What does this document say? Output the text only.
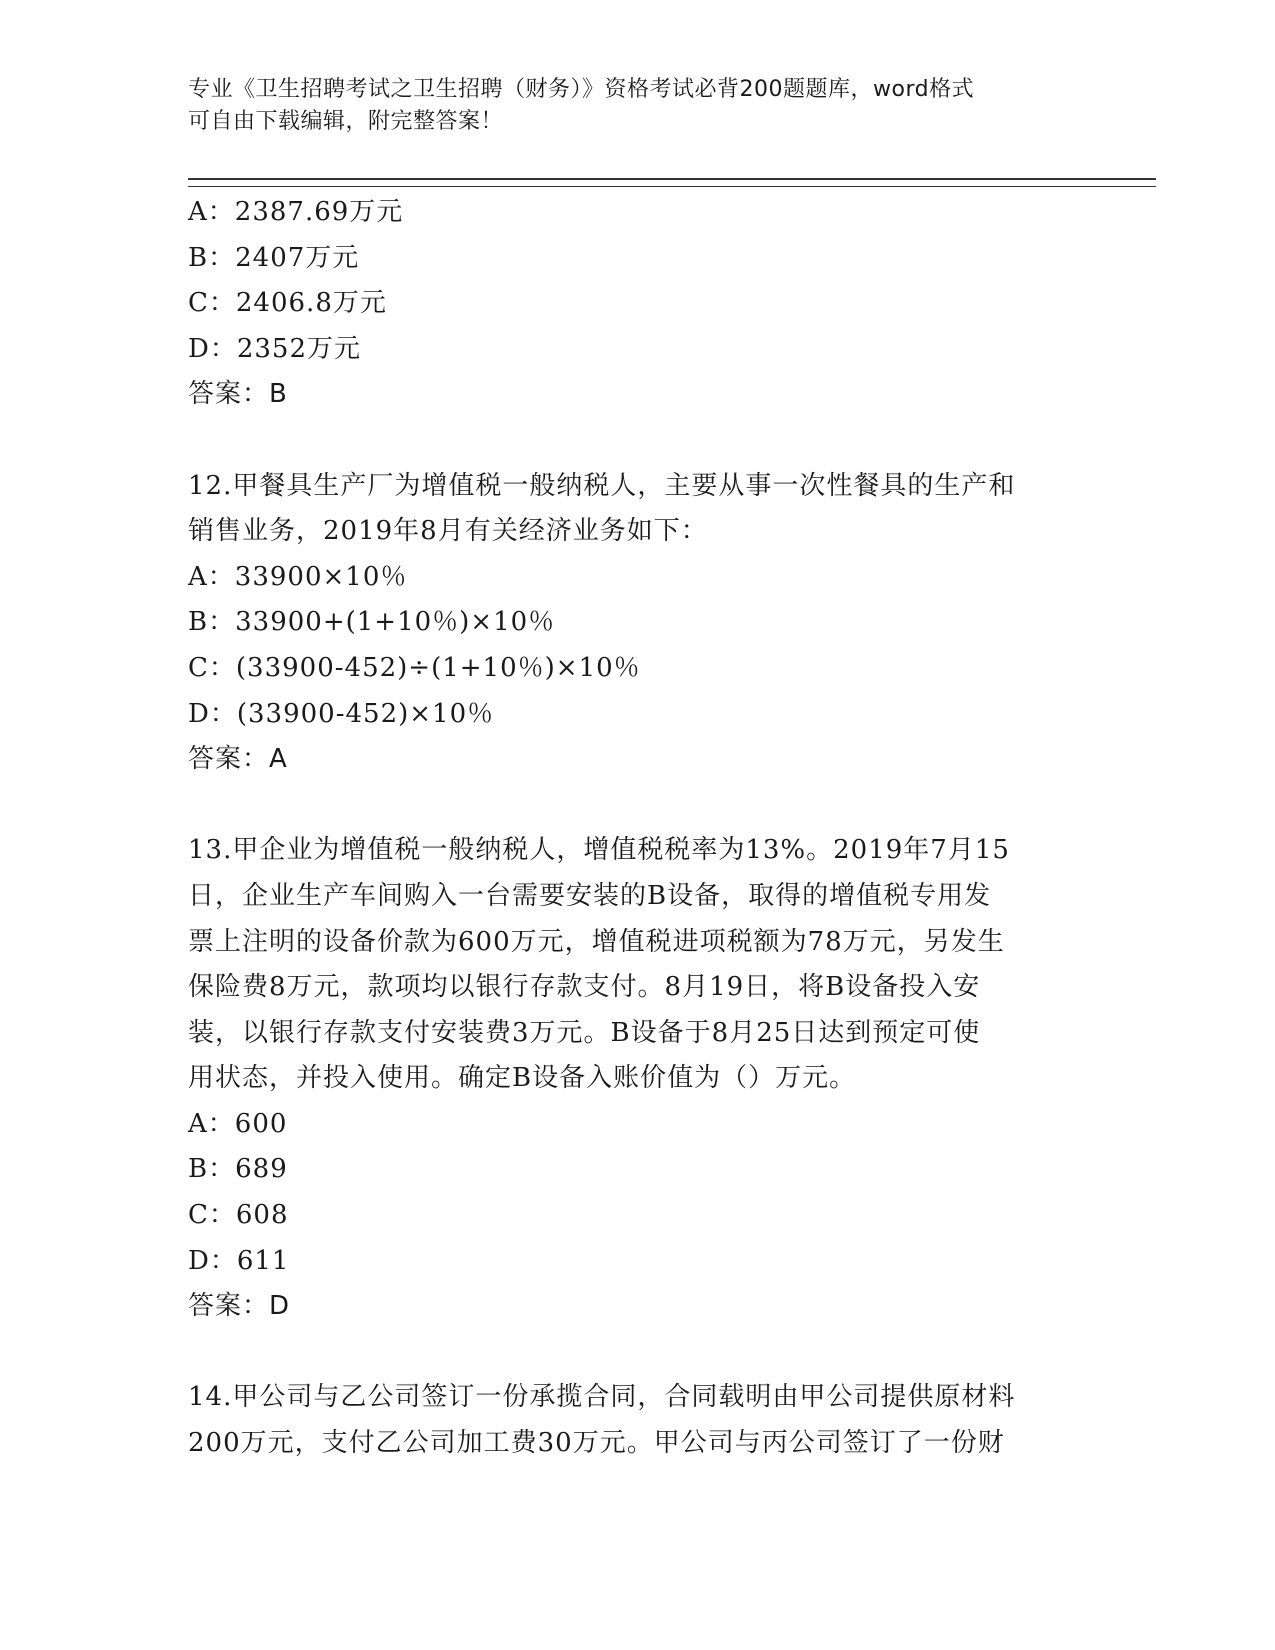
专业《卫生招聘考试之卫生招聘（财务）》资格考试必背200题题库，word格式
可自由下载编辑，附完整答案！
A：2387.69万元
B：2407万元
C：2406.8万元
D：2352万元
答案：B
12.甲餐具生产厂为增值税一般纳税人，主要从事一次性餐具的生产和
销售业务，2019年8月有关经济业务如下：
A：33900×10％
B：33900+(1+10％)×10％
C：(33900-452)÷(1+10％)×10％
D：(33900-452)×10％
答案：A
13.甲企业为增值税一般纳税人，增值税税率为13%。2019年7月15
日，企业生产车间购入一台需要安装的B设备，取得的增值税专用发
票上注明的设备价款为600万元，增值税进项税额为78万元，另发生
保险费8万元，款项均以银行存款支付。8月19日，将B设备投入安
装，以银行存款支付安装费3万元。B设备于8月25日达到预定可使
用状态，并投入使用。确定B设备入账价值为（）万元。
A：600
B：689
C：608
D：611
答案：D
14.甲公司与乙公司签订一份承揽合同，合同载明由甲公司提供原材料
200万元，支付乙公司加工费30万元。甲公司与丙公司签订了一份财
